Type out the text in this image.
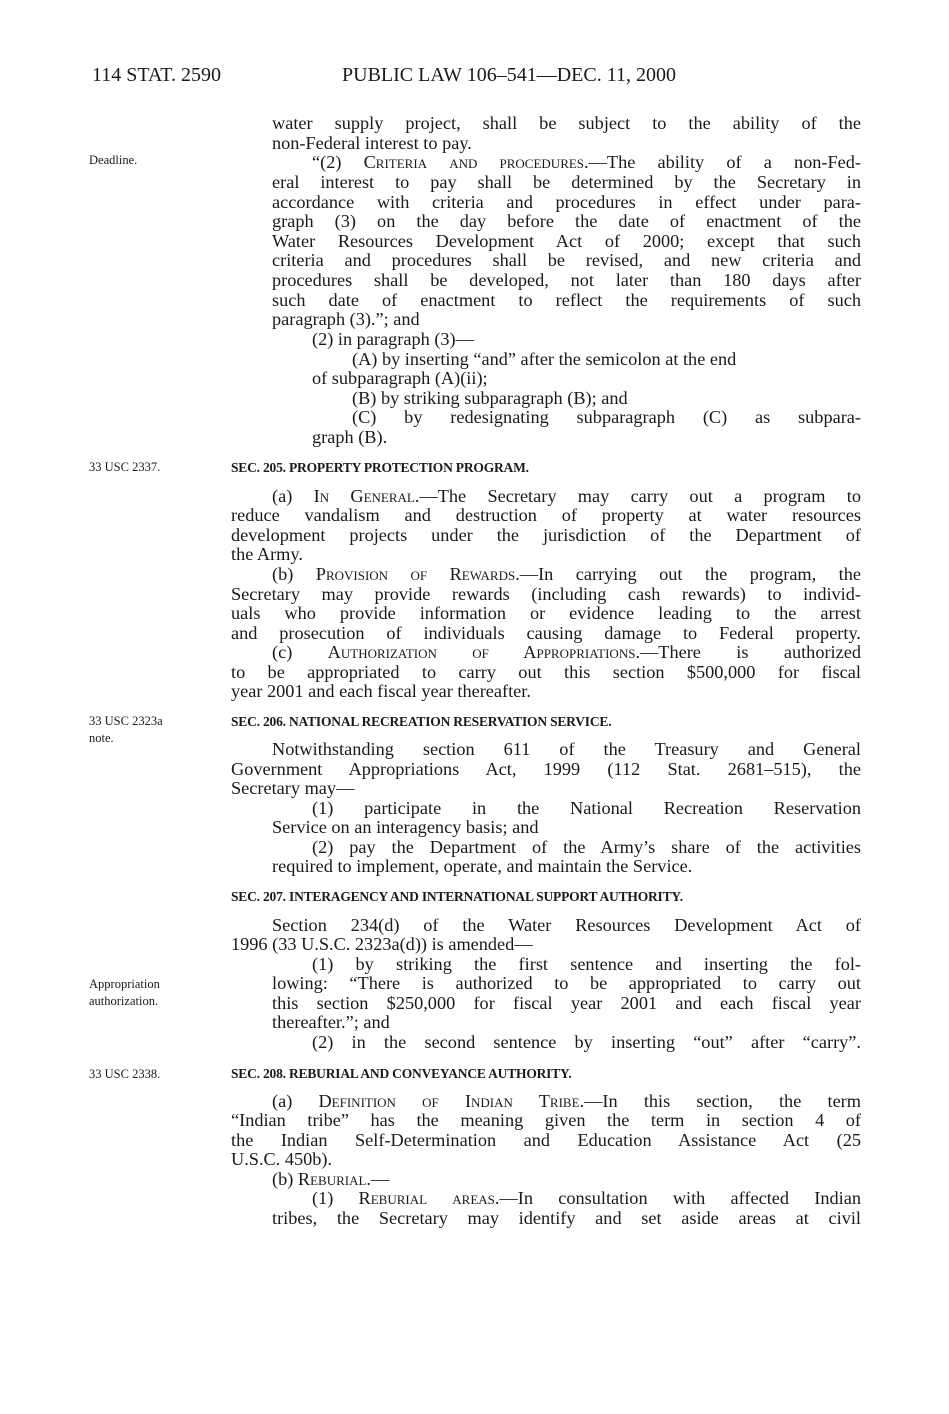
114 STAT. 2590	PUBLIC LAW 106–541—DEC. 11, 2000
Deadline.
33 USC 2337.
33 USC 2323a
note.
Appropriation
authorization.
33 USC 2338.
water supply project, shall be subject to the ability of the
non-Federal interest to pay.
“(2) Criteria and procedures.—The ability of a non-Fed-
eral interest to pay shall be determined by the Secretary in
accordance with criteria and procedures in effect under para-
graph (3) on the day before the date of enactment of the
Water Resources Development Act of 2000; except that such
criteria and procedures shall be revised, and new criteria and
procedures shall be developed, not later than 180 days after
such date of enactment to reflect the requirements of such
paragraph (3).”; and
(2) in paragraph (3)—
(A) by inserting “and” after the semicolon at the end
of subparagraph (A)(ii);
(B) by striking subparagraph (B); and
(C) by redesignating subparagraph (C) as subpara-
graph (B).
SEC. 205. PROPERTY PROTECTION PROGRAM.
(a) In General.—The Secretary may carry out a program to
reduce vandalism and destruction of property at water resources
development projects under the jurisdiction of the Department of
the Army.
(b) Provision of Rewards.—In carrying out the program, the
Secretary may provide rewards (including cash rewards) to individ-
uals who provide information or evidence leading to the arrest
and prosecution of individuals causing damage to Federal property.
(c) Authorization of Appropriations.—There is authorized
to be appropriated to carry out this section $500,000 for fiscal
year 2001 and each fiscal year thereafter.
SEC. 206. NATIONAL RECREATION RESERVATION SERVICE.
Notwithstanding section 611 of the Treasury and General
Government Appropriations Act, 1999 (112 Stat. 2681–515), the
Secretary may—
(1) participate in the National Recreation Reservation
Service on an interagency basis; and
(2) pay the Department of the Army’s share of the activities
required to implement, operate, and maintain the Service.
SEC. 207. INTERAGENCY AND INTERNATIONAL SUPPORT AUTHORITY.
Section 234(d) of the Water Resources Development Act of
1996 (33 U.S.C. 2323a(d)) is amended—
(1) by striking the first sentence and inserting the fol-
lowing: “There is authorized to be appropriated to carry out
this section $250,000 for fiscal year 2001 and each fiscal year
thereafter.”; and
(2) in the second sentence by inserting “out” after “carry”.
SEC. 208. REBURIAL AND CONVEYANCE AUTHORITY.
(a) Definition of Indian Tribe.—In this section, the term
“Indian tribe” has the meaning given the term in section 4 of
the Indian Self-Determination and Education Assistance Act (25
U.S.C. 450b).
(b) Reburial.—
(1) Reburial areas.—In consultation with affected Indian
tribes, the Secretary may identify and set aside areas at civil
